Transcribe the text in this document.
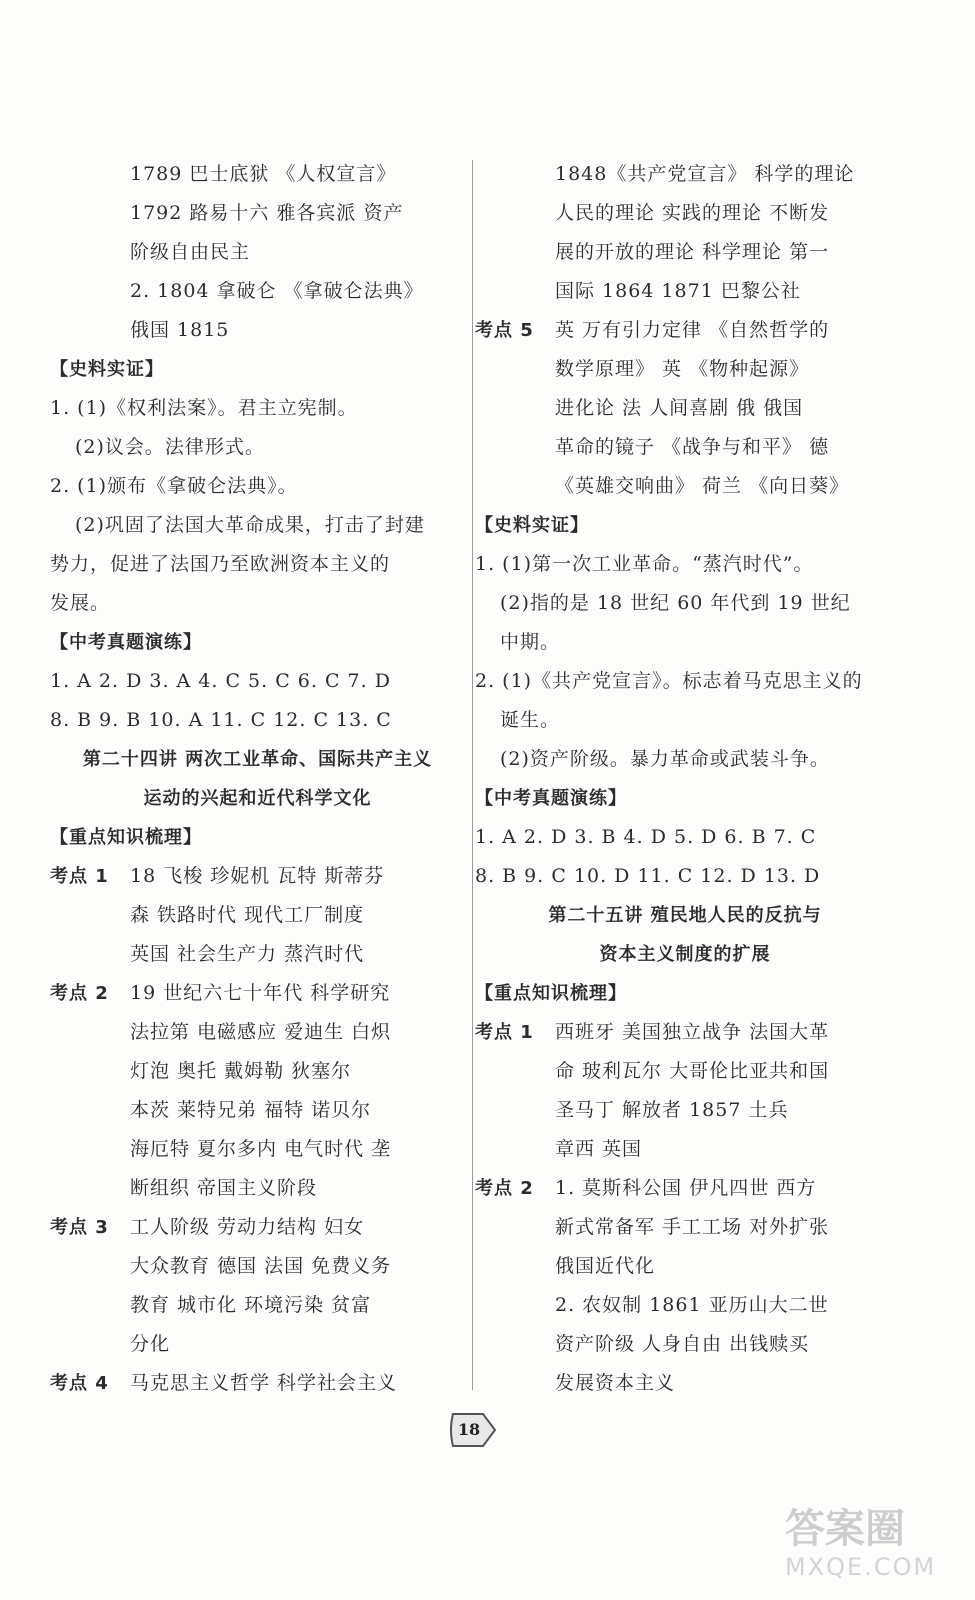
1789 巴士底狱 《人权宣言》
1792 路易十六 雅各宾派 资产
阶级自由民主
2. 1804 拿破仑 《拿破仑法典》
俄国 1815
【史料实证】
1. (1)《权利法案》。君主立宪制。
(2)议会。法律形式。
2. (1)颁布《拿破仑法典》。
(2)巩固了法国大革命成果，打击了封建
势力，促进了法国乃至欧洲资本主义的
发展。
【中考真题演练】
1. A 2. D 3. A 4. C 5. C 6. C 7. D
8. B 9. B 10. A 11. C 12. C 13. C
第二十四讲 两次工业革命、国际共产主义
运动的兴起和近代科学文化
【重点知识梳理】
考点 1 18 飞梭 珍妮机 瓦特 斯蒂芬
森 铁路时代 现代工厂制度
英国 社会生产力 蒸汽时代
考点 2 19 世纪六七十年代 科学研究
法拉第 电磁感应 爱迪生 白炽
灯泡 奥托 戴姆勒 狄塞尔
本茨 莱特兄弟 福特 诺贝尔
海厄特 夏尔多内 电气时代 垄
断组织 帝国主义阶段
考点 3 工人阶级 劳动力结构 妇女
大众教育 德国 法国 免费义务
教育 城市化 环境污染 贫富
分化
考点 4 马克思主义哲学 科学社会主义
1848《共产党宣言》 科学的理论
人民的理论 实践的理论 不断发
展的开放的理论 科学理论 第一
国际 1864 1871 巴黎公社
考点 5 英 万有引力定律 《自然哲学的
数学原理》 英 《物种起源》
进化论 法 人间喜剧 俄 俄国
革命的镜子 《战争与和平》 德
《英雄交响曲》 荷兰 《向日葵》
【史料实证】
1. (1)第一次工业革命。“蒸汽时代”。
(2)指的是 18 世纪 60 年代到 19 世纪
中期。
2. (1)《共产党宣言》。标志着马克思主义的
诞生。
(2)资产阶级。暴力革命或武装斗争。
【中考真题演练】
1. A 2. D 3. B 4. D 5. D 6. B 7. C
8. B 9. C 10. D 11. C 12. D 13. D
第二十五讲 殖民地人民的反抗与
资本主义制度的扩展
【重点知识梳理】
考点 1 西班牙 美国独立战争 法国大革
命 玻利瓦尔 大哥伦比亚共和国
圣马丁 解放者 1857 土兵
章西 英国
考点 2 1. 莫斯科公国 伊凡四世 西方
新式常备军 手工工场 对外扩张
俄国近代化
2. 农奴制 1861 亚历山大二世
资产阶级 人身自由 出钱赎买
发展资本主义
18
答案圈
MXQE.COM
